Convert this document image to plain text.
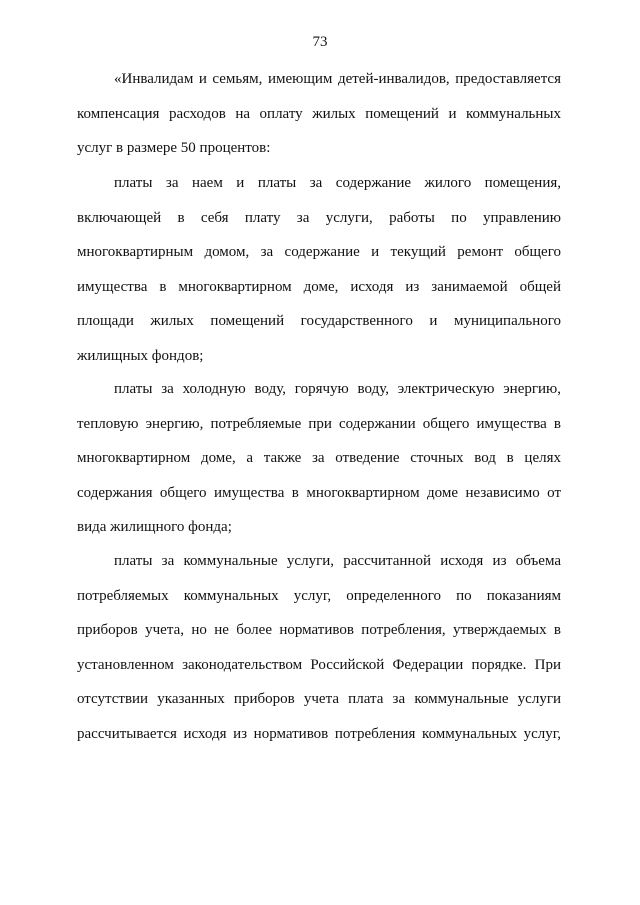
73
«Инвалидам и семьям, имеющим детей-инвалидов, предоставляется
компенсация расходов на оплату жилых помещений и коммунальных
услуг в размере 50 процентов:
платы за наем и платы за содержание жилого помещения,
включающей в себя плату за услуги, работы по управлению
многоквартирным домом, за содержание и текущий ремонт общего
имущества в многоквартирном доме, исходя из занимаемой общей
площади жилых помещений государственного и муниципального
жилищных фондов;
платы за холодную воду, горячую воду, электрическую энергию,
тепловую энергию, потребляемые при содержании общего имущества в
многоквартирном доме, а также за отведение сточных вод в целях
содержания общего имущества в многоквартирном доме независимо от
вида жилищного фонда;
платы за коммунальные услуги, рассчитанной исходя из объема
потребляемых коммунальных услуг, определенного по показаниям
приборов учета, но не более нормативов потребления, утверждаемых в
установленном законодательством Российской Федерации порядке. При
отсутствии указанных приборов учета плата за коммунальные услуги
рассчитывается исходя из нормативов потребления коммунальных услуг,
